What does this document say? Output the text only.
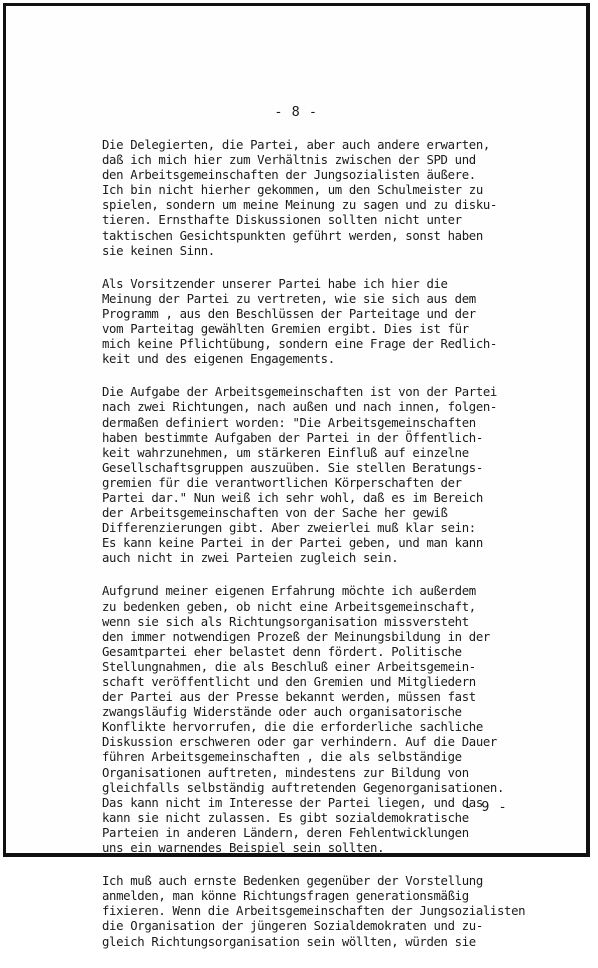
- 8 -
Die Delegierten, die Partei, aber auch andere erwarten,
daß ich mich hier zum Verhältnis zwischen der SPD und
den Arbeitsgemeinschaften der Jungsozialisten äußere.
Ich bin nicht hierher gekommen, um den Schulmeister zu
spielen, sondern um meine Meinung zu sagen und zu disku-
tieren. Ernsthafte Diskussionen sollten nicht unter
taktischen Gesichtspunkten geführt werden, sonst haben
sie keinen Sinn.
Als Vorsitzender unserer Partei habe ich hier die
Meinung der Partei zu vertreten, wie sie sich aus dem
Programm , aus den Beschlüssen der Parteitage und der
vom Parteitag gewählten Gremien ergibt. Dies ist für
mich keine Pflichtübung, sondern eine Frage der Redlich-
keit und des eigenen Engagements.
Die Aufgabe der Arbeitsgemeinschaften ist von der Partei
nach zwei Richtungen, nach außen und nach innen, folgen-
dermaßen definiert worden: "Die Arbeitsgemeinschaften
haben bestimmte Aufgaben der Partei in der Öffentlich-
keit wahrzunehmen, um stärkeren Einfluß auf einzelne
Gesellschaftsgruppen auszuüben. Sie stellen Beratungs-
gremien für die verantwortlichen Körperschaften der
Partei dar." Nun weiß ich sehr wohl, daß es im Bereich
der Arbeitsgemeinschaften von der Sache her gewiß
Differenzierungen gibt. Aber zweierlei muß klar sein:
Es kann keine Partei in der Partei geben, und man kann
auch nicht in zwei Parteien zugleich sein.
Aufgrund meiner eigenen Erfahrung möchte ich außerdem
zu bedenken geben, ob nicht eine Arbeitsgemeinschaft,
wenn sie sich als Richtungsorganisation missversteht
den immer notwendigen Prozeß der Meinungsbildung in der
Gesamtpartei eher belastet denn fördert. Politische
Stellungnahmen, die als Beschluß einer Arbeitsgemein-
schaft veröffentlicht und den Gremien und Mitgliedern
der Partei aus der Presse bekannt werden, müssen fast
zwangsläufig Widerstände oder auch organisatorische
Konflikte hervorrufen, die die erforderliche sachliche
Diskussion erschweren oder gar verhindern. Auf die Dauer
führen Arbeitsgemeinschaften , die als selbständige
Organisationen auftreten, mindestens zur Bildung von
gleichfalls selbständig auftretenden Gegenorganisationen.
Das kann nicht im Interesse der Partei liegen, und das
kann sie nicht zulassen. Es gibt sozialdemokratische
Parteien in anderen Ländern, deren Fehlentwicklungen
uns ein warnendes Beispiel sein sollten.
Ich muß auch ernste Bedenken gegenüber der Vorstellung
anmelden, man könne Richtungsfragen generationsmäßig
fixieren. Wenn die Arbeitsgemeinschaften der Jungsozialisten
die Organisation der jüngeren Sozialdemokraten und zu-
gleich Richtungsorganisation sein wöllten, würden sie
- 9 -
